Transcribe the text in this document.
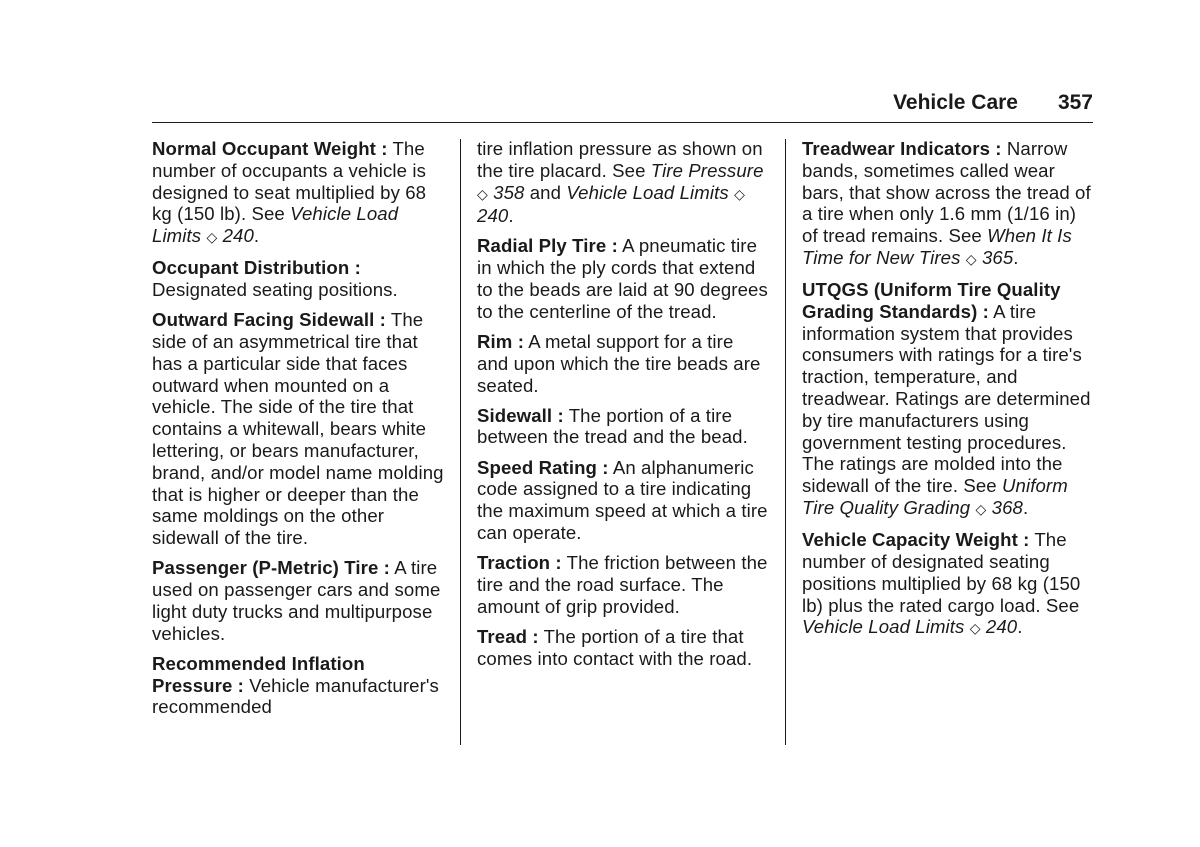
Vehicle Care 357

Normal Occupant Weight : The number of occupants a vehicle is designed to seat multiplied by 68 kg (150 lb). See Vehicle Load Limits ◇ 240.

Occupant Distribution : Designated seating positions.

Outward Facing Sidewall : The side of an asymmetrical tire that has a particular side that faces outward when mounted on a vehicle. The side of the tire that contains a whitewall, bears white lettering, or bears manufacturer, brand, and/or model name molding that is higher or deeper than the same moldings on the other sidewall of the tire.

Passenger (P-Metric) Tire : A tire used on passenger cars and some light duty trucks and multipurpose vehicles.

Recommended Inflation Pressure : Vehicle manufacturer's recommended

tire inflation pressure as shown on the tire placard. See Tire Pressure ◇ 358 and Vehicle Load Limits ◇ 240.

Radial Ply Tire : A pneumatic tire in which the ply cords that extend to the beads are laid at 90 degrees to the centerline of the tread.

Rim : A metal support for a tire and upon which the tire beads are seated.

Sidewall : The portion of a tire between the tread and the bead.

Speed Rating : An alphanumeric code assigned to a tire indicating the maximum speed at which a tire can operate.

Traction : The friction between the tire and the road surface. The amount of grip provided.

Tread : The portion of a tire that comes into contact with the road.

Treadwear Indicators : Narrow bands, sometimes called wear bars, that show across the tread of a tire when only 1.6 mm (1/16 in) of tread remains. See When It Is Time for New Tires ◇ 365.

UTQGS (Uniform Tire Quality Grading Standards) : A tire information system that provides consumers with ratings for a tire's traction, temperature, and treadwear. Ratings are determined by tire manufacturers using government testing procedures. The ratings are molded into the sidewall of the tire. See Uniform Tire Quality Grading ◇ 368.

Vehicle Capacity Weight : The number of designated seating positions multiplied by 68 kg (150 lb) plus the rated cargo load. See Vehicle Load Limits ◇ 240.
